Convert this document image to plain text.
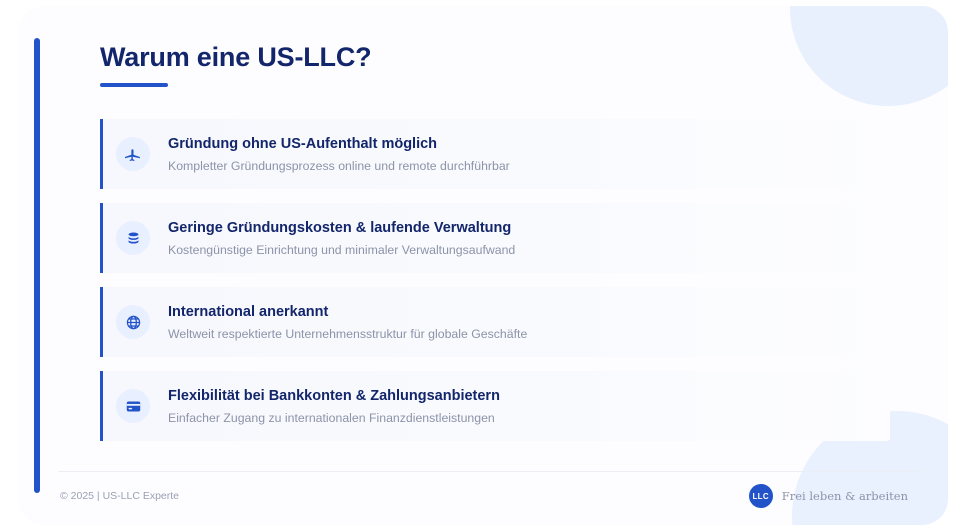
Warum eine US-LLC?
Gründung ohne US-Aufenthalt möglich
Kompletter Gründungsprozess online und remote durchführbar
Geringe Gründungskosten & laufende Verwaltung
Kostengünstige Einrichtung und minimaler Verwaltungsaufwand
International anerkannt
Weltweit respektierte Unternehmensstruktur für globale Geschäfte
Flexibilität bei Bankkonten & Zahlungsanbietern
Einfacher Zugang zu internationalen Finanzdienstleistungen
© 2025 | US-LLC Experte	LLC	Frei leben & arbeiten
